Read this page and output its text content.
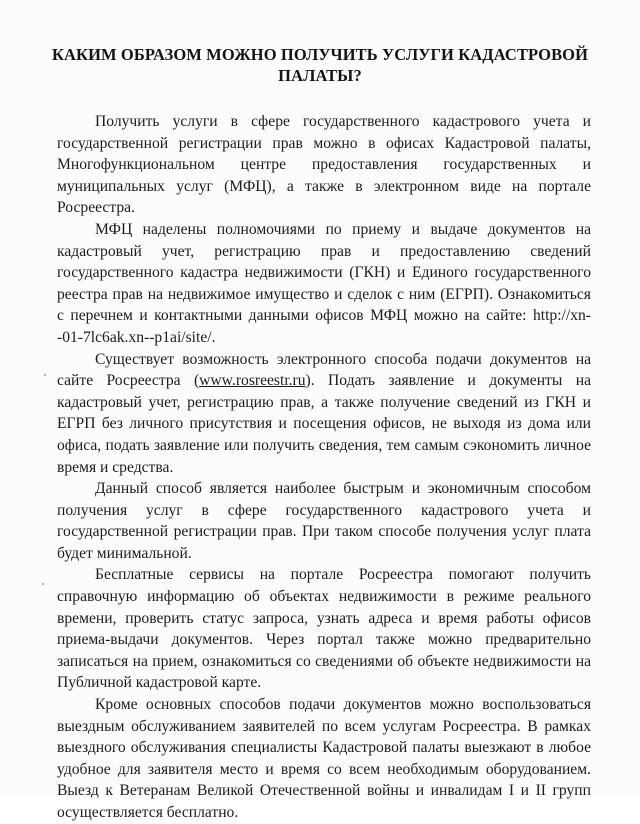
КАКИМ ОБРАЗОМ МОЖНО ПОЛУЧИТЬ УСЛУГИ КАДАСТРОВОЙ ПАЛАТЫ?

Получить услуги в сфере государственного кадастрового учета и государственной регистрации прав можно в офисах Кадастровой палаты, Многофункциональном центре предоставления государственных и муниципальных услуг (МФЦ), а также в электронном виде на портале Росреестра.

МФЦ наделены полномочиями по приему и выдаче документов на кадастровый учет, регистрацию прав и предоставлению сведений государственного кадастра недвижимости (ГКН) и Единого государственного реестра прав на недвижимое имущество и сделок с ним (ЕГРП). Ознакомиться с перечнем и контактными данными офисов МФЦ можно на сайте: http://xn--01-7lc6ak.xn--p1ai/site/.

Существует возможность электронного способа подачи документов на сайте Росреестра (www.rosreestr.ru). Подать заявление и документы на кадастровый учет, регистрацию прав, а также получение сведений из ГКН и ЕГРП без личного присутствия и посещения офисов, не выходя из дома или офиса, подать заявление или получить сведения, тем самым сэкономить личное время и средства.

Данный способ является наиболее быстрым и экономичным способом получения услуг в сфере государственного кадастрового учета и государственной регистрации прав. При таком способе получения услуг плата будет минимальной.

Бесплатные сервисы на портале Росреестра помогают получить справочную информацию об объектах недвижимости в режиме реального времени, проверить статус запроса, узнать адреса и время работы офисов приема-выдачи документов. Через портал также можно предварительно записаться на прием, ознакомиться со сведениями об объекте недвижимости на Публичной кадастровой карте.

Кроме основных способов подачи документов можно воспользоваться выездным обслуживанием заявителей по всем услугам Росреестра. В рамках выездного обслуживания специалисты Кадастровой палаты выезжают в любое удобное для заявителя место и время со всем необходимым оборудованием. Выезд к Ветеранам Великой Отечественной войны и инвалидам I и II групп осуществляется бесплатно.
